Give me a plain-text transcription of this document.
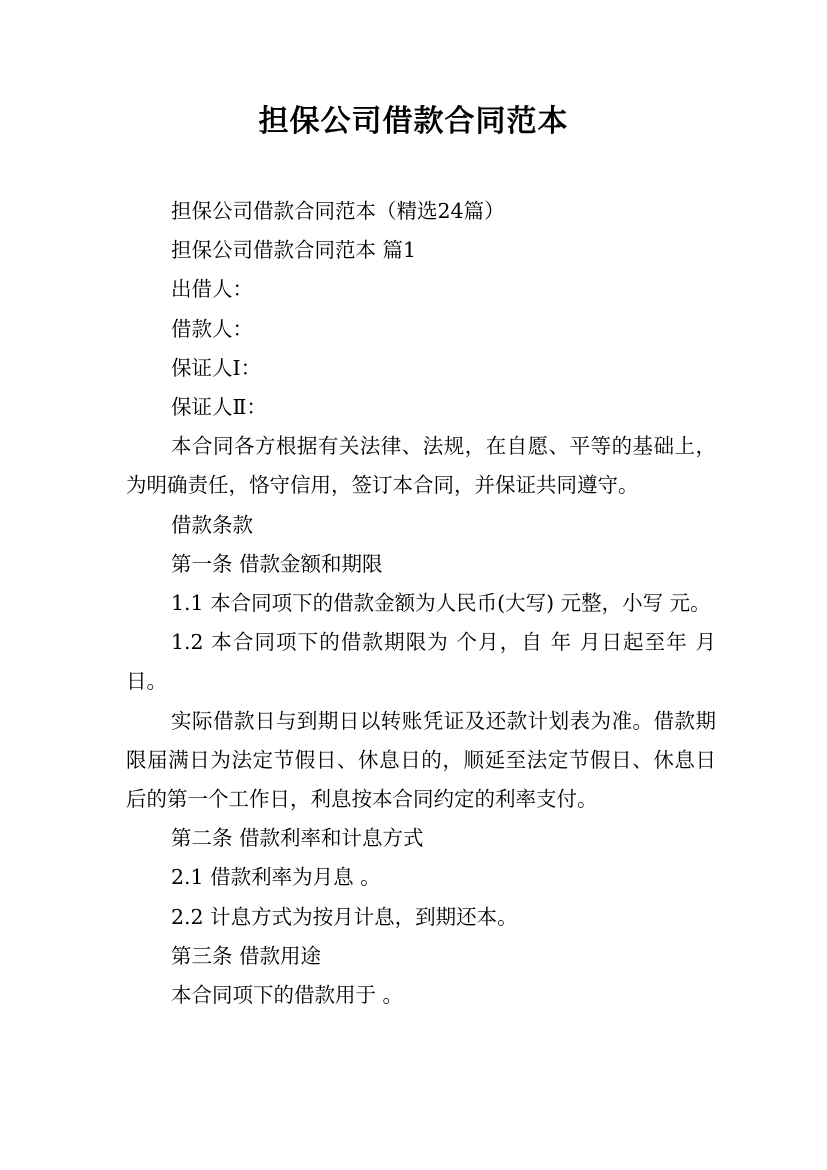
担保公司借款合同范本

担保公司借款合同范本（精选24篇）

担保公司借款合同范本 篇1

出借人：

借款人：

保证人Ⅰ：

保证人Ⅱ：

本合同各方根据有关法律、法规，在自愿、平等的基础上，为明确责任，恪守信用，签订本合同，并保证共同遵守。

借款条款

第一条 借款金额和期限

1.1 本合同项下的借款金额为人民币(大写) 元整，小写 元。

1.2 本合同项下的借款期限为 个月，自 年 月日起至年 月 日。

实际借款日与到期日以转账凭证及还款计划表为准。借款期限届满日为法定节假日、休息日的，顺延至法定节假日、休息日后的第一个工作日，利息按本合同约定的利率支付。

第二条 借款利率和计息方式

2.1 借款利率为月息 。

2.2 计息方式为按月计息，到期还本。

第三条 借款用途

本合同项下的借款用于 。
